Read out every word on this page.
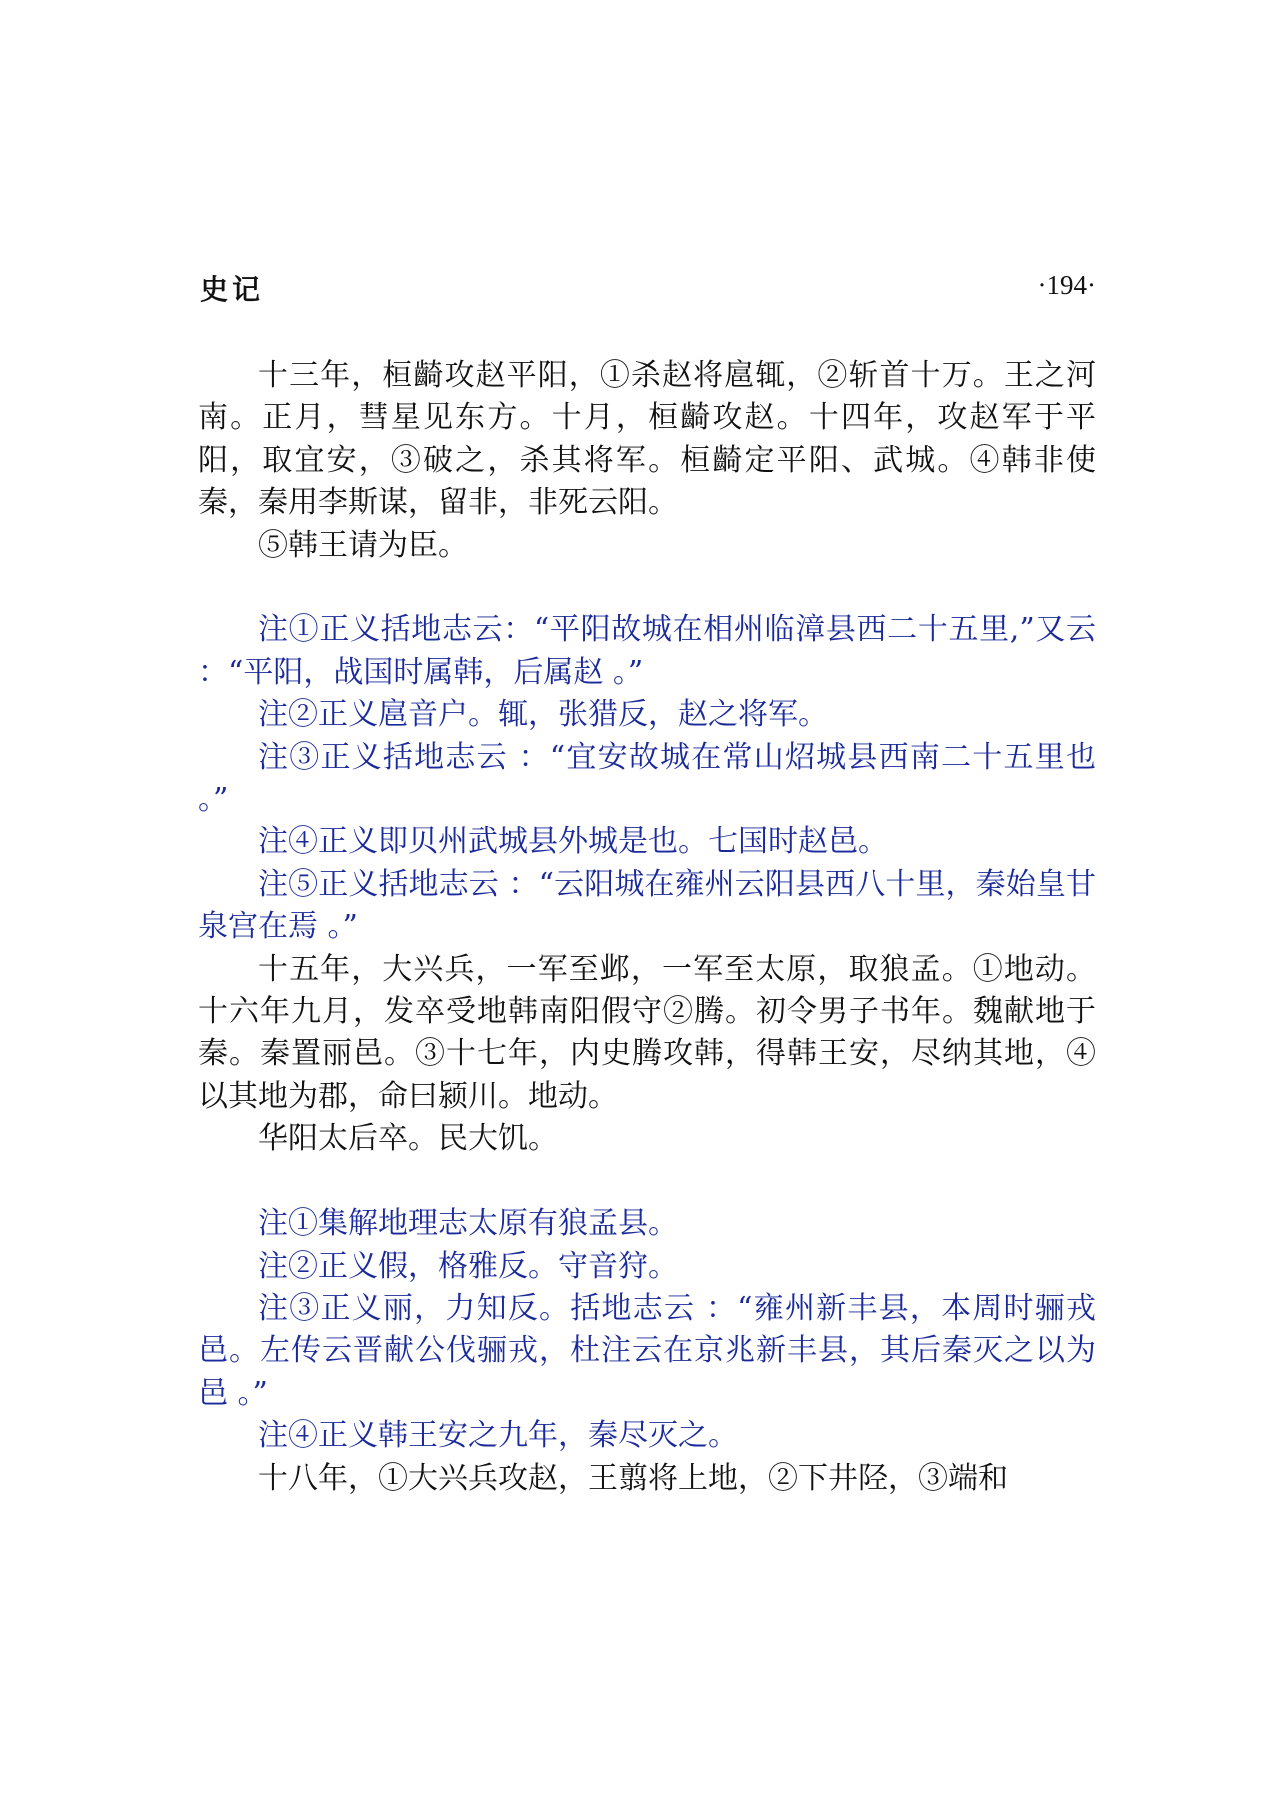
史记	·194·

十三年，桓齮攻赵平阳，①杀赵将扈辄，②斩首十万。王之河南。正月，彗星见东方。十月，桓齮攻赵。十四年，攻赵军于平阳，取宜安，③破之，杀其将军。桓齮定平阳、武城。④韩非使秦，秦用李斯谋，留非，非死云阳。

⑤韩王请为臣。

注①正义括地志云：“平阳故城在相州临漳县西二十五里,”又云 ：“平阳，战国时属韩，后属赵 。”

注②正义扈音户。辄，张猎反，赵之将军。

注③正义括地志云 ：“宜安故城在常山炤城县西南二十五里也 。”

注④正义即贝州武城县外城是也。七国时赵邑。

注⑤正义括地志云 ：“云阳城在雍州云阳县西八十里，秦始皇甘泉宫在焉 。”

十五年，大兴兵，一军至邺，一军至太原，取狼孟。①地动。十六年九月，发卒受地韩南阳假守②腾。初令男子书年。魏献地于秦。秦置丽邑。③十七年，内史腾攻韩，得韩王安，尽纳其地，④以其地为郡，命曰颍川。地动。

华阳太后卒。民大饥。

注①集解地理志太原有狼孟县。

注②正义假，格雅反。守音狩。

注③正义丽，力知反。括地志云 ：“雍州新丰县，本周时骊戎邑。左传云晋献公伐骊戎，杜注云在京兆新丰县，其后秦灭之以为邑 。”

注④正义韩王安之九年，秦尽灭之。

十八年，①大兴兵攻赵，王翦将上地，②下井陉，③端和
